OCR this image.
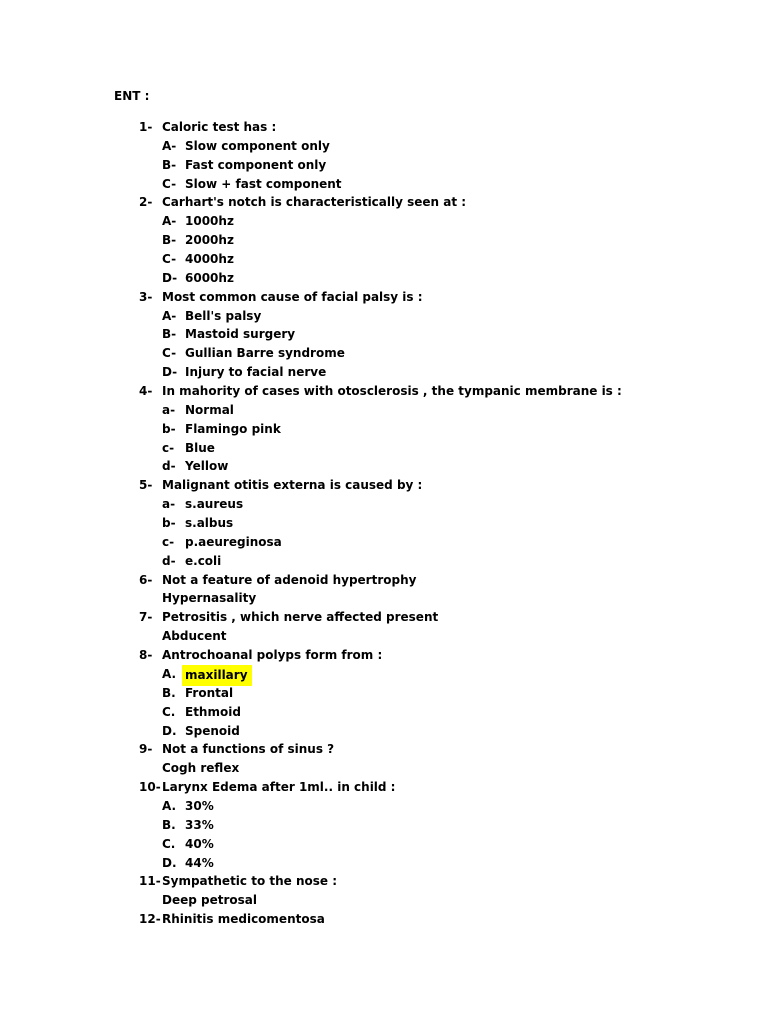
ENT :
1- Caloric test has :
A- Slow component only
B- Fast component only
C- Slow + fast component
2- Carhart's notch is characteristically seen at :
A- 1000hz
B- 2000hz
C- 4000hz
D- 6000hz
3- Most common cause of facial palsy is :
A- Bell's palsy
B- Mastoid surgery
C- Gullian Barre syndrome
D- Injury to facial nerve
4- In mahority of cases with otosclerosis , the tympanic membrane is :
a- Normal
b- Flamingo pink
c- Blue
d- Yellow
5- Malignant otitis externa is caused by :
a- s.aureus
b- s.albus
c- p.aeureginosa
d- e.coli
6- Not a feature of adenoid hypertrophy
Hypernasality
7- Petrositis , which nerve affected present
Abducent
8- Antrochoanal polyps form from :
A. maxillary
B. Frontal
C. Ethmoid
D. Spenoid
9- Not a functions of sinus ?
Cogh reflex
10- Larynx Edema after 1ml.. in child :
A. 30%
B. 33%
C. 40%
D. 44%
11- Sympathetic to the nose :
Deep petrosal
12- Rhinitis medicomentosa
